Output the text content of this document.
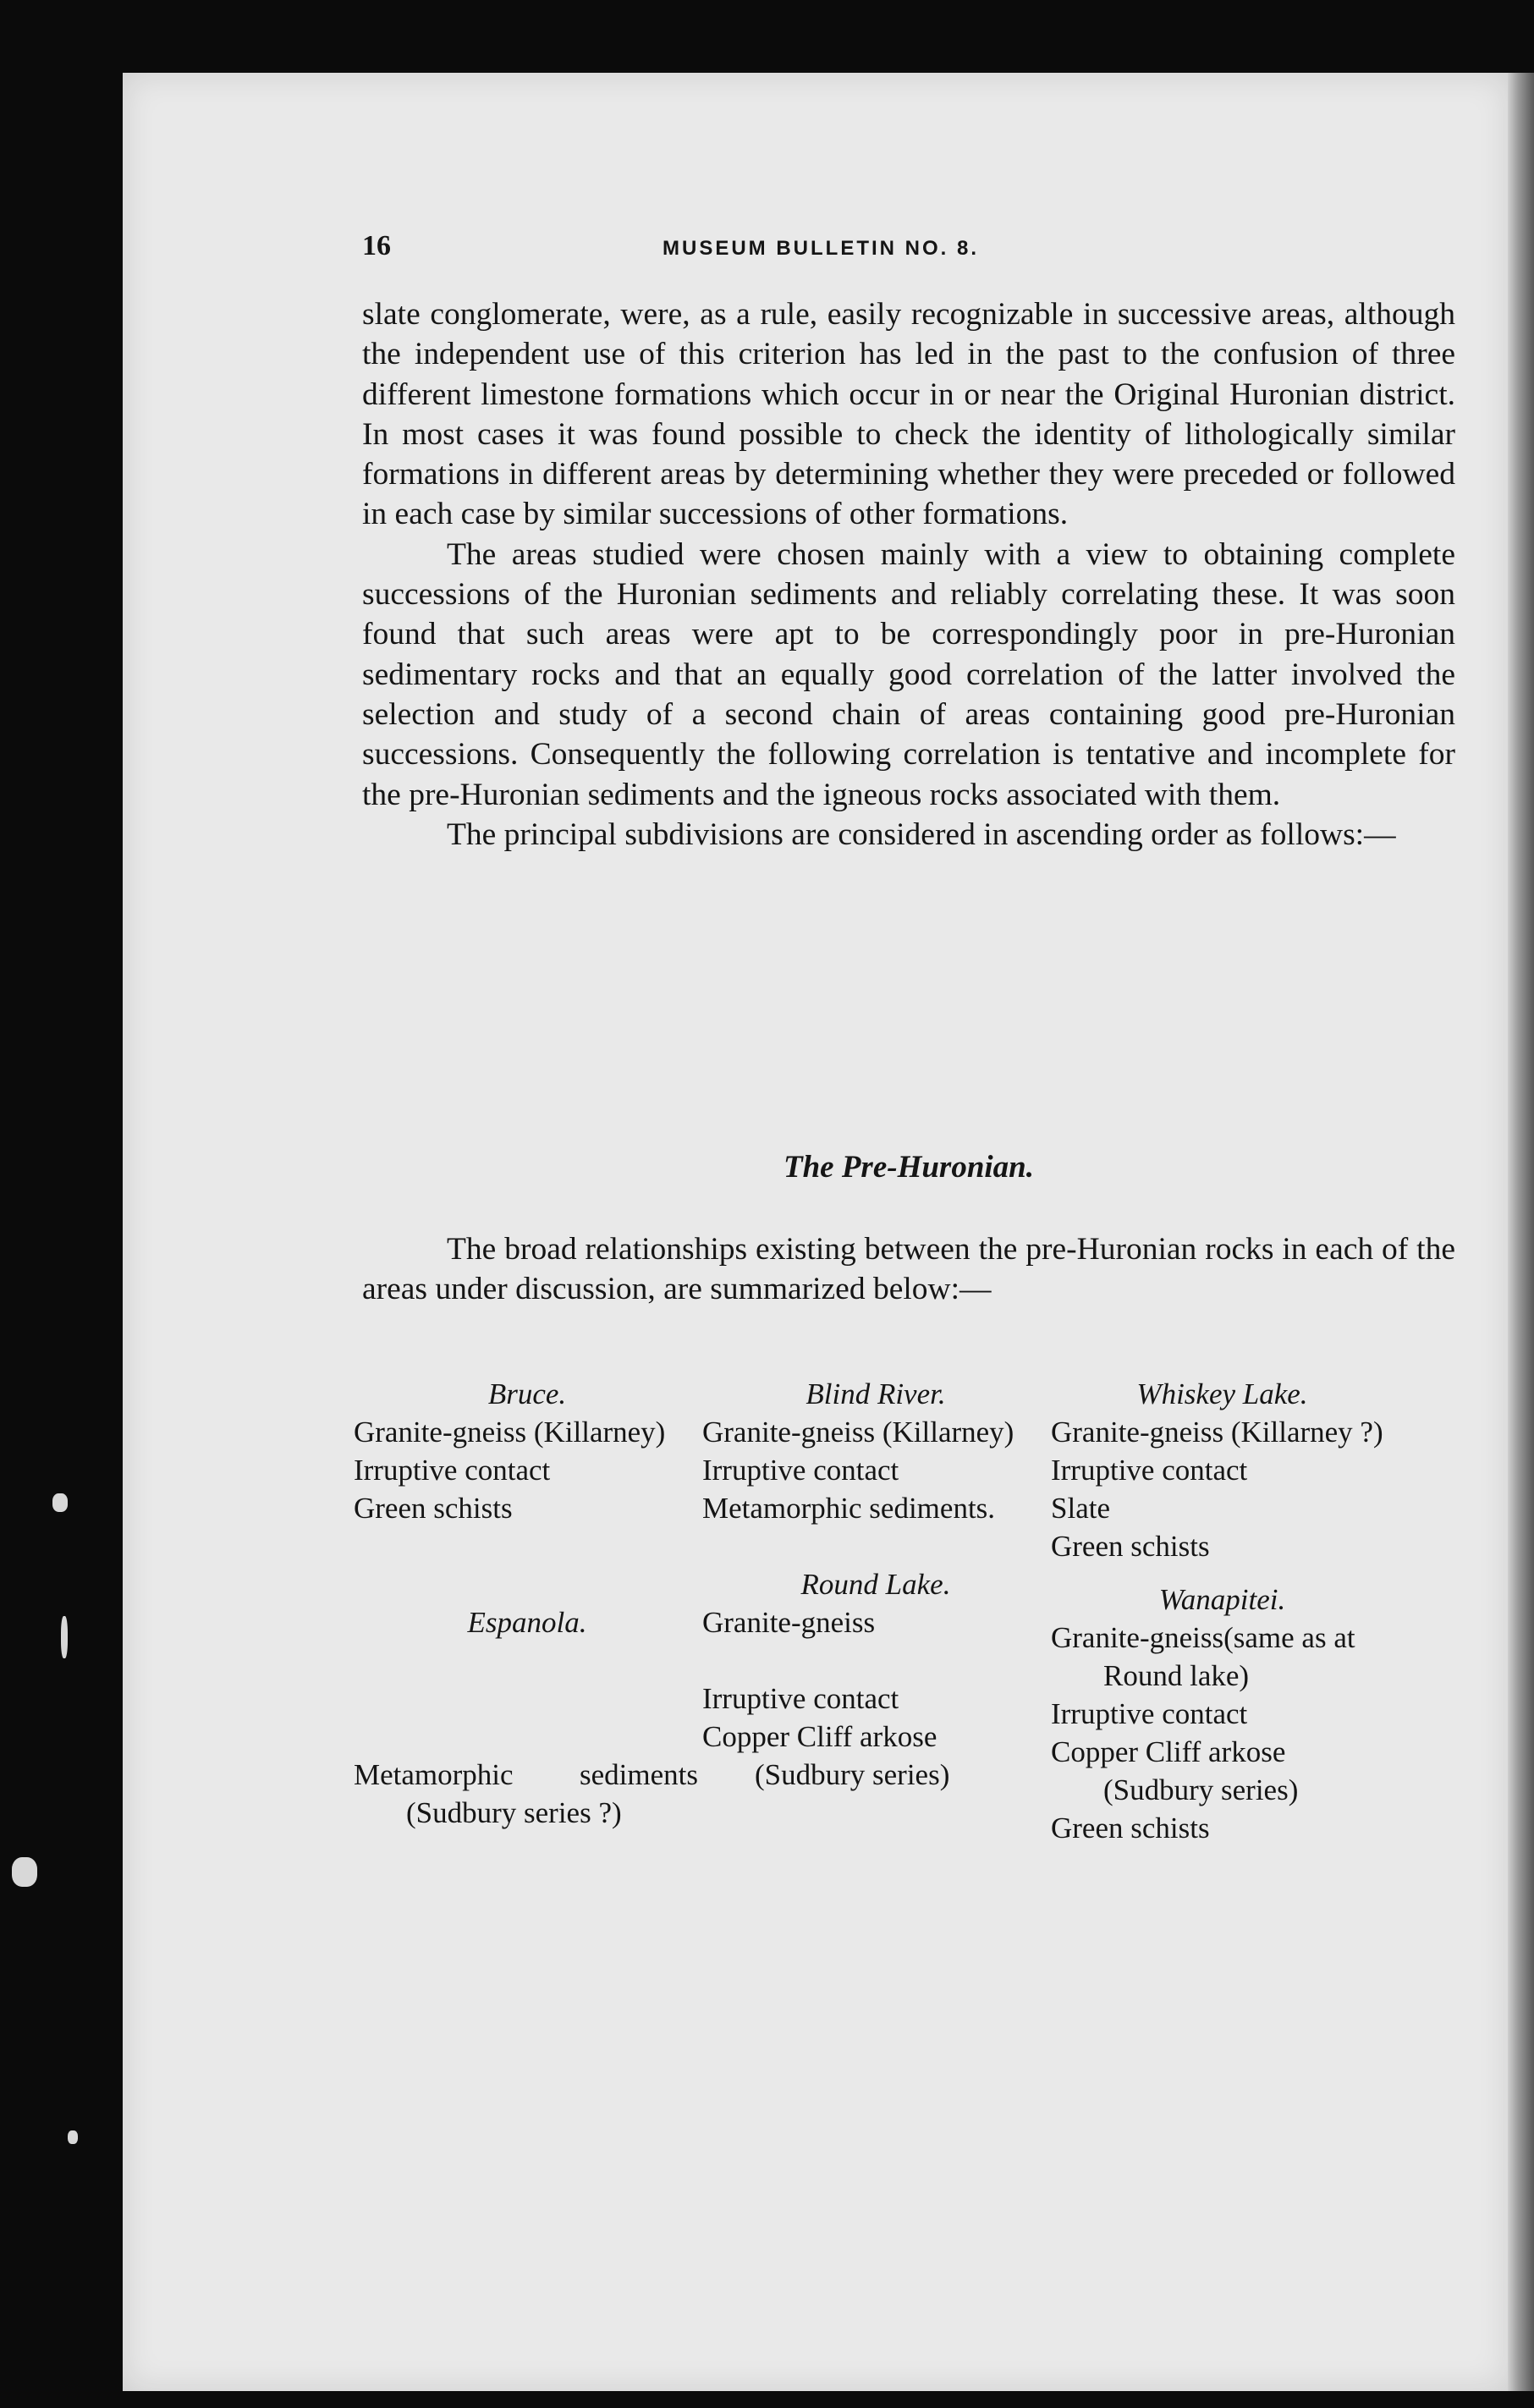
16	MUSEUM BULLETIN NO. 8.

slate conglomerate, were, as a rule, easily recognizable in successive areas, although the independent use of this criterion has led in the past to the confusion of three different limestone formations which occur in or near the Original Huronian district. In most cases it was found possible to check the identity of lithologically similar formations in different areas by determining whether they were preceded or followed in each case by similar successions of other formations.

The areas studied were chosen mainly with a view to obtaining complete successions of the Huronian sediments and reliably correlating these. It was soon found that such areas were apt to be correspondingly poor in pre-Huronian sedimentary rocks and that an equally good correlation of the latter involved the selection and study of a second chain of areas containing good pre-Huronian successions. Consequently the following correlation is tentative and incomplete for the pre-Huronian sediments and the igneous rocks associated with them.

The principal subdivisions are considered in ascending order as follows:—

The Pre-Huronian.

The broad relationships existing between the pre-Huronian rocks in each of the areas under discussion, are summarized below:—

Bruce.

Granite-gneiss (Killarney)

Irruptive contact

Green schists

Espanola.

Metamorphic sediments (Sudbury series ?)

Blind River.

Granite-gneiss (Killarney)

Irruptive contact

Metamorphic sediments.

Round Lake.

Granite-gneiss

Irruptive contact

Copper Cliff arkose (Sudbury series)

Whiskey Lake.

Granite-gneiss (Killarney ?)

Irruptive contact

Slate

Green schists

Wanapitei.

Granite-gneiss(same as at Round lake)

Irruptive contact

Copper Cliff arkose (Sudbury series)

Green schists
